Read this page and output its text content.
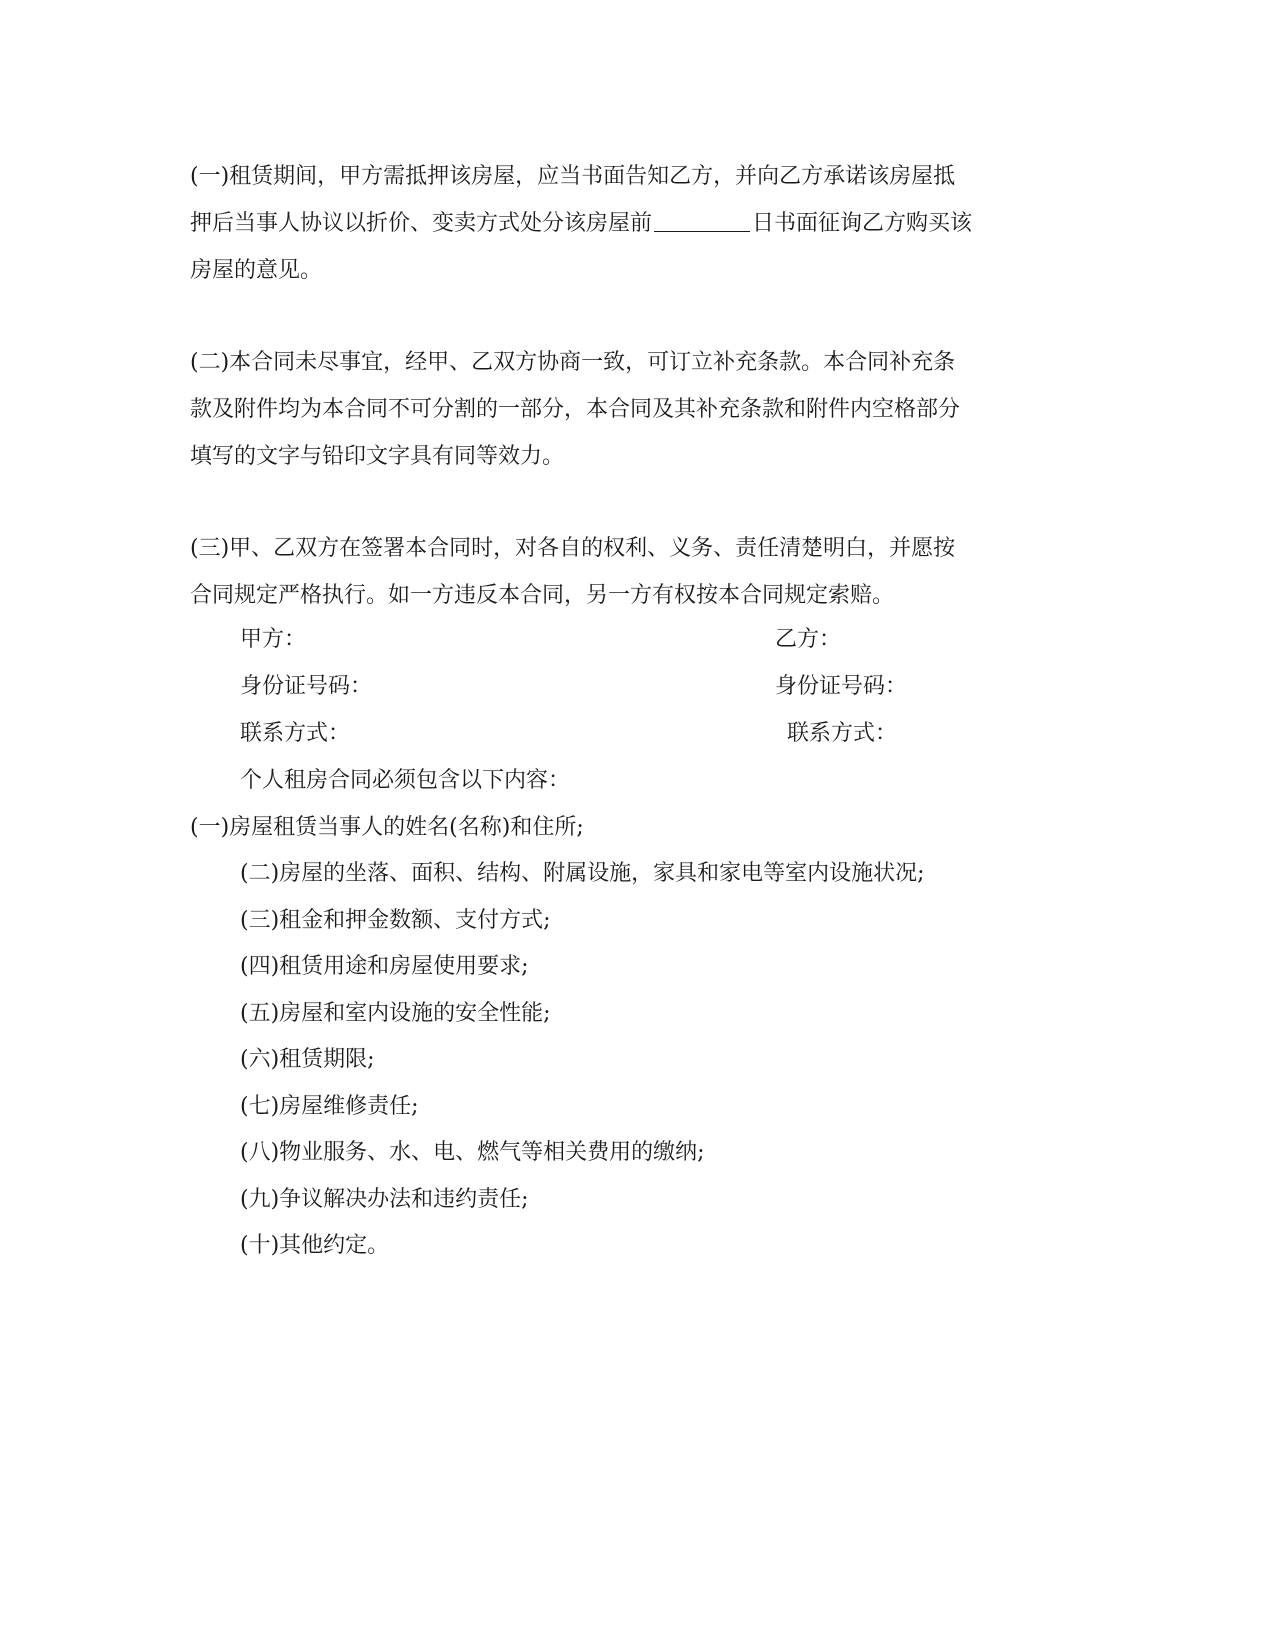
(一)租赁期间，甲方需抵押该房屋，应当书面告知乙方，并向乙方承诺该房屋抵
押后当事人协议以折价、变卖方式处分该房屋前	日书面征询乙方购买该
房屋的意见。
(二)本合同未尽事宜，经甲、乙双方协商一致，可订立补充条款。本合同补充条
款及附件均为本合同不可分割的一部分，本合同及其补充条款和附件内空格部分
填写的文字与铅印文字具有同等效力。
(三)甲、乙双方在签署本合同时，对各自的权利、义务、责任清楚明白，并愿按
合同规定严格执行。如一方违反本合同，另一方有权按本合同规定索赔。
甲方：	乙方：
身份证号码：	身份证号码：
联系方式：	联系方式：
个人租房合同必须包含以下内容：
(一)房屋租赁当事人的姓名(名称)和住所;
(二)房屋的坐落、面积、结构、附属设施，家具和家电等室内设施状况;
(三)租金和押金数额、支付方式;
(四)租赁用途和房屋使用要求;
(五)房屋和室内设施的安全性能;
(六)租赁期限;
(七)房屋维修责任;
(八)物业服务、水、电、燃气等相关费用的缴纳;
(九)争议解决办法和违约责任;
(十)其他约定。
